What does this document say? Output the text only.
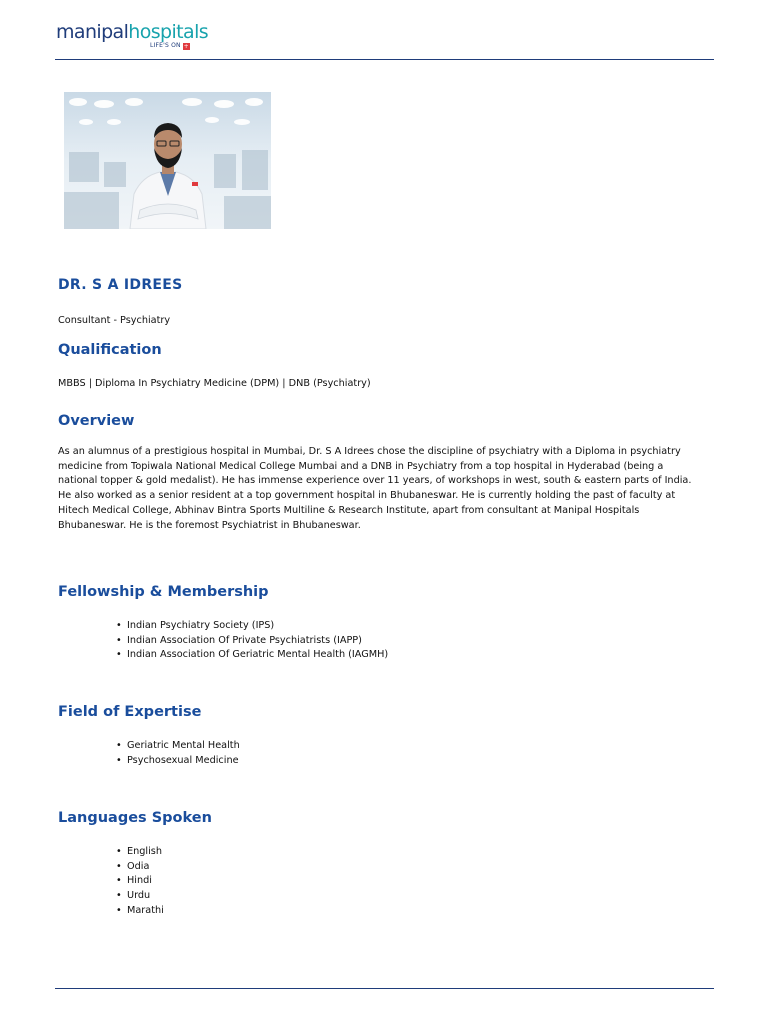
manipalhospitals
LIFE'S ON +
DR. S A IDREES

Consultant - Psychiatry

Qualification

MBBS | Diploma In Psychiatry Medicine (DPM) | DNB (Psychiatry)

Overview

As an alumnus of a prestigious hospital in Mumbai, Dr. S A Idrees chose the discipline of psychiatry with a Diploma in psychiatry medicine from Topiwala National Medical College Mumbai and a DNB in Psychiatry from a top hospital in Hyderabad (being a national topper & gold medalist). He has immense experience over 11 years, of workshops in west, south & eastern parts of India. He also worked as a senior resident at a top government hospital in Bhubaneswar. He is currently holding the past of faculty at Hitech Medical College, Abhinav Bintra Sports Multiline & Research Institute, apart from consultant at Manipal Hospitals Bhubaneswar. He is the foremost Psychiatrist in Bhubaneswar.

Fellowship & Membership
• Indian Psychiatry Society (IPS)
• Indian Association Of Private Psychiatrists (IAPP)
• Indian Association Of Geriatric Mental Health (IAGMH)
Field of Expertise
• Geriatric Mental Health
• Psychosexual Medicine
Languages Spoken
• English
• Odia
• Hindi
• Urdu
• Marathi
